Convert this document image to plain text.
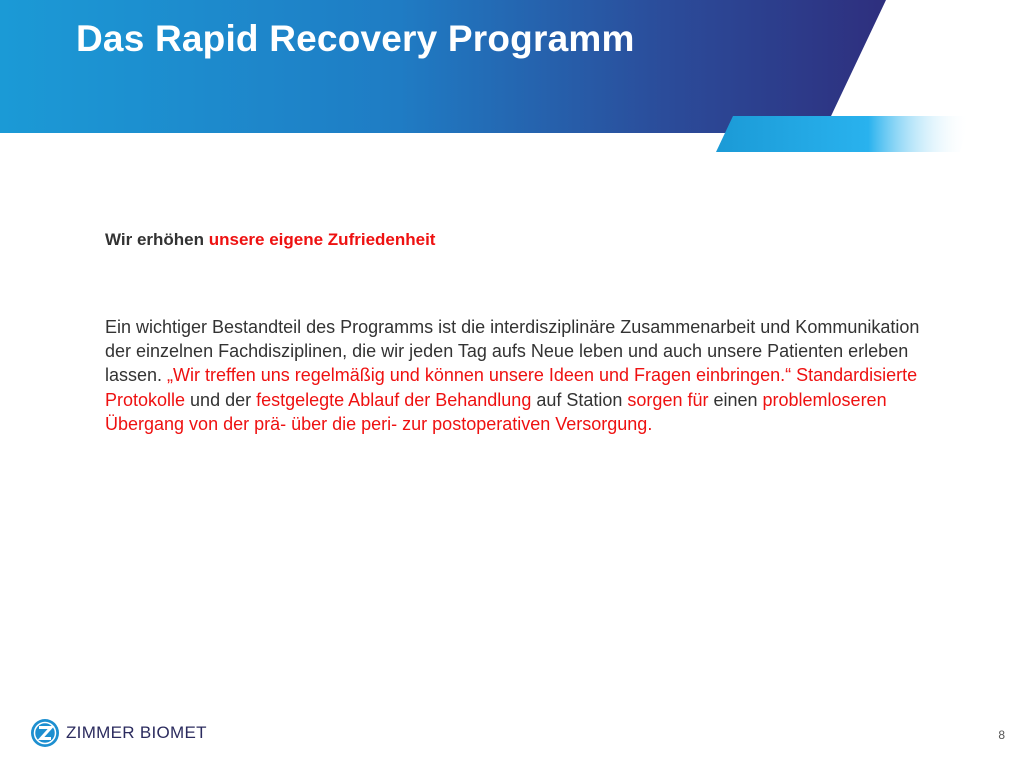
Das Rapid Recovery Programm
Wir erhöhen unsere eigene Zufriedenheit
Ein wichtiger Bestandteil des Programms ist die interdisziplinäre Zusammenarbeit und Kommunikation der einzelnen Fachdisziplinen, die wir jeden Tag aufs Neue leben und auch unsere Patienten erleben lassen. „Wir treffen uns regelmäßig und können unsere Ideen und Fragen einbringen.“ Standardisierte Protokolle und der festgelegte Ablauf der Behandlung auf Station sorgen für einen problemloseren Übergang von der prä- über die peri- zur postoperativen Versorgung.
ZIMMER BIOMET	8
